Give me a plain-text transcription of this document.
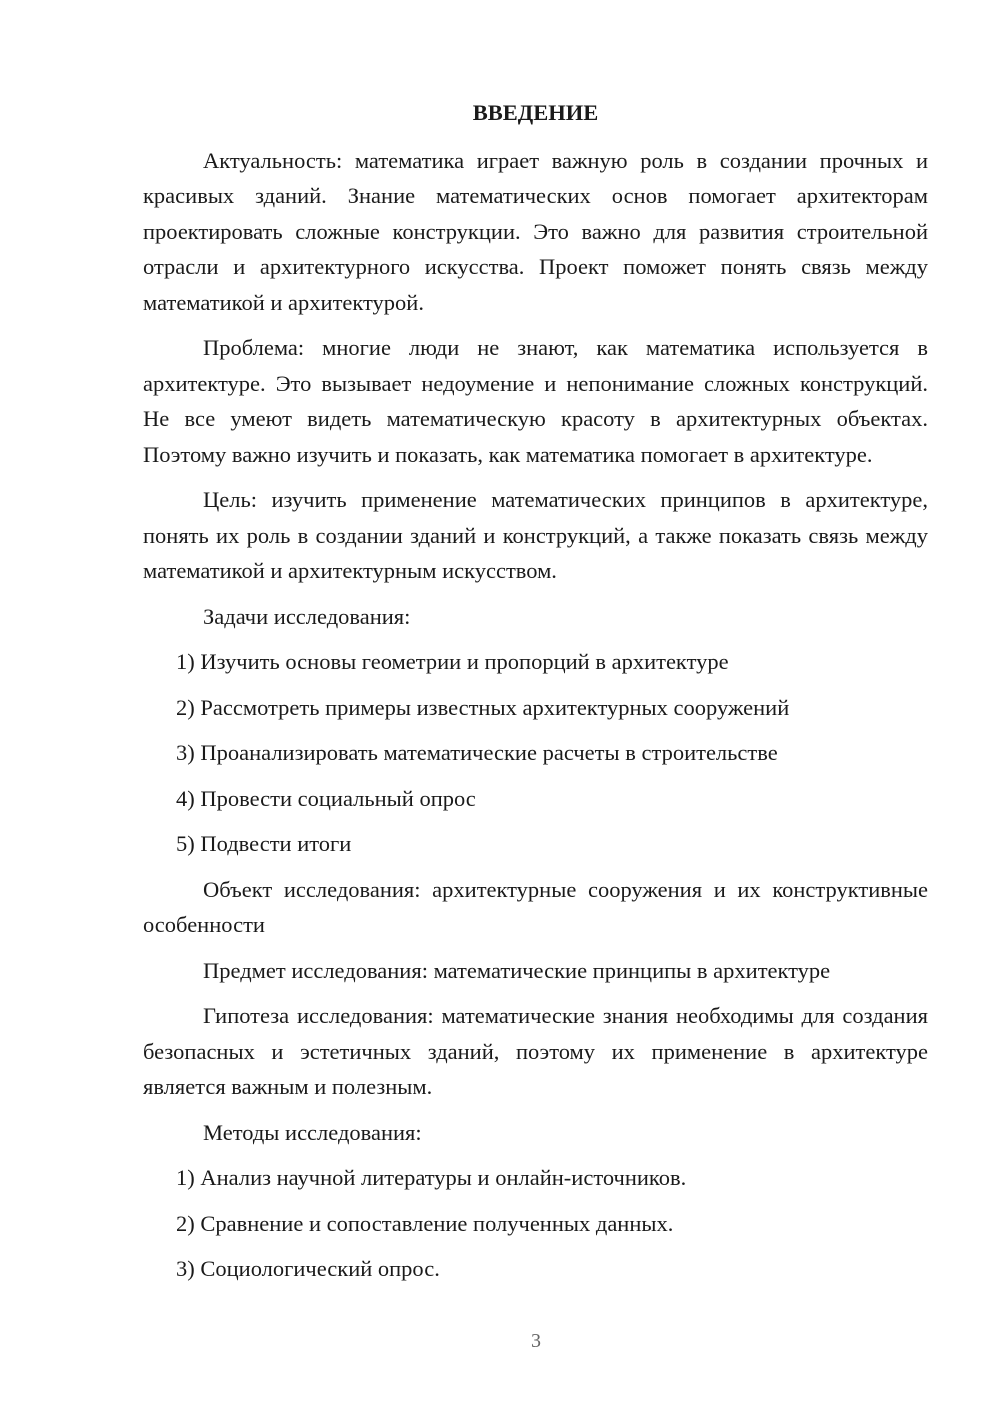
ВВЕДЕНИЕ

Актуальность: математика играет важную роль в создании прочных и красивых зданий. Знание математических основ помогает архитекторам проектировать сложные конструкции. Это важно для развития строительной отрасли и архитектурного искусства. Проект поможет понять связь между математикой и архитектурой.

Проблема: многие люди не знают, как математика используется в архитектуре. Это вызывает недоумение и непонимание сложных конструкций. Не все умеют видеть математическую красоту в архитектурных объектах. Поэтому важно изучить и показать, как математика помогает в архитектуре.

Цель: изучить применение математических принципов в архитектуре, понять их роль в создании зданий и конструкций, а также показать связь между математикой и архитектурным искусством.

Задачи исследования:

1) Изучить основы геометрии и пропорций в архитектуре

2) Рассмотреть примеры известных архитектурных сооружений

3) Проанализировать математические расчеты в строительстве

4) Провести социальный опрос

5) Подвести итоги

Объект исследования: архитектурные сооружения и их конструктивные особенности

Предмет исследования: математические принципы в архитектуре

Гипотеза исследования: математические знания необходимы для создания безопасных и эстетичных зданий, поэтому их применение в архитектуре является важным и полезным.

Методы исследования:

1) Анализ научной литературы и онлайн-источников.

2) Сравнение и сопоставление полученных данных.

3) Социологический опрос.

3
